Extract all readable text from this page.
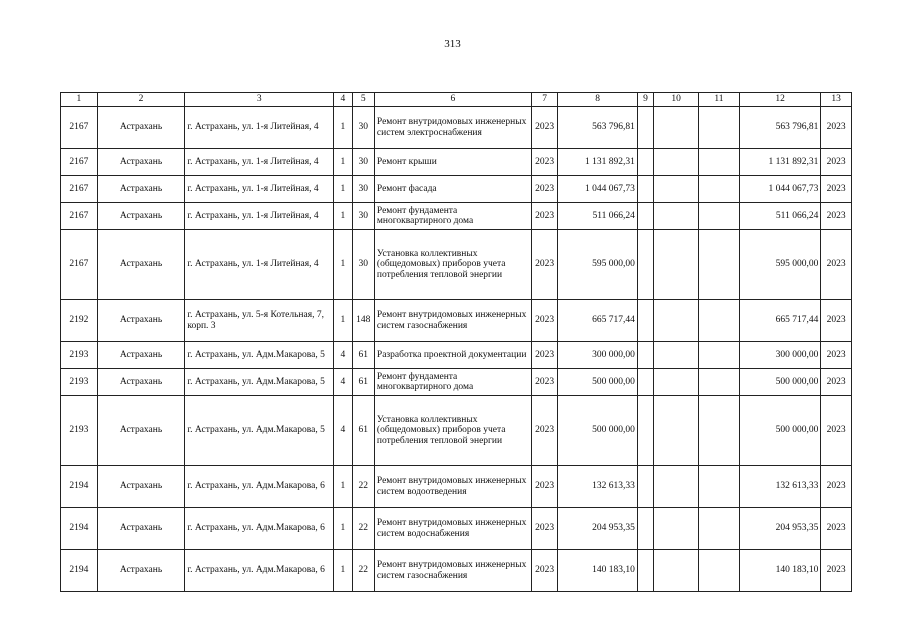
313
1	2	3	4	5	6	7	8	9	10	11	12	13
2167	Астрахань	г. Астрахань, ул. 1-я Литейная, 4	1	30	Ремонт внутридомовых инженерных систем электроснабжения	2023	563 796,81				563 796,81	2023
2167	Астрахань	г. Астрахань, ул. 1-я Литейная, 4	1	30	Ремонт крыши	2023	1 131 892,31				1 131 892,31	2023
2167	Астрахань	г. Астрахань, ул. 1-я Литейная, 4	1	30	Ремонт фасада	2023	1 044 067,73				1 044 067,73	2023
2167	Астрахань	г. Астрахань, ул. 1-я Литейная, 4	1	30	Ремонт фундамента многоквартирного дома	2023	511 066,24				511 066,24	2023
2167	Астрахань	г. Астрахань, ул. 1-я Литейная, 4	1	30	Установка коллективных (общедомовых) приборов учета потребления тепловой энергии	2023	595 000,00				595 000,00	2023
2192	Астрахань	г. Астрахань, ул. 5-я Котельная, 7, корп. 3	1	148	Ремонт внутридомовых инженерных систем газоснабжения	2023	665 717,44				665 717,44	2023
2193	Астрахань	г. Астрахань, ул. Адм.Макарова, 5	4	61	Разработка проектной документации	2023	300 000,00				300 000,00	2023
2193	Астрахань	г. Астрахань, ул. Адм.Макарова, 5	4	61	Ремонт фундамента многоквартирного дома	2023	500 000,00				500 000,00	2023
2193	Астрахань	г. Астрахань, ул. Адм.Макарова, 5	4	61	Установка коллективных (общедомовых) приборов учета потребления тепловой энергии	2023	500 000,00				500 000,00	2023
2194	Астрахань	г. Астрахань, ул. Адм.Макарова, 6	1	22	Ремонт внутридомовых инженерных систем водоотведения	2023	132 613,33				132 613,33	2023
2194	Астрахань	г. Астрахань, ул. Адм.Макарова, 6	1	22	Ремонт внутридомовых инженерных систем водоснабжения	2023	204 953,35				204 953,35	2023
2194	Астрахань	г. Астрахань, ул. Адм.Макарова, 6	1	22	Ремонт внутридомовых инженерных систем газоснабжения	2023	140 183,10				140 183,10	2023
